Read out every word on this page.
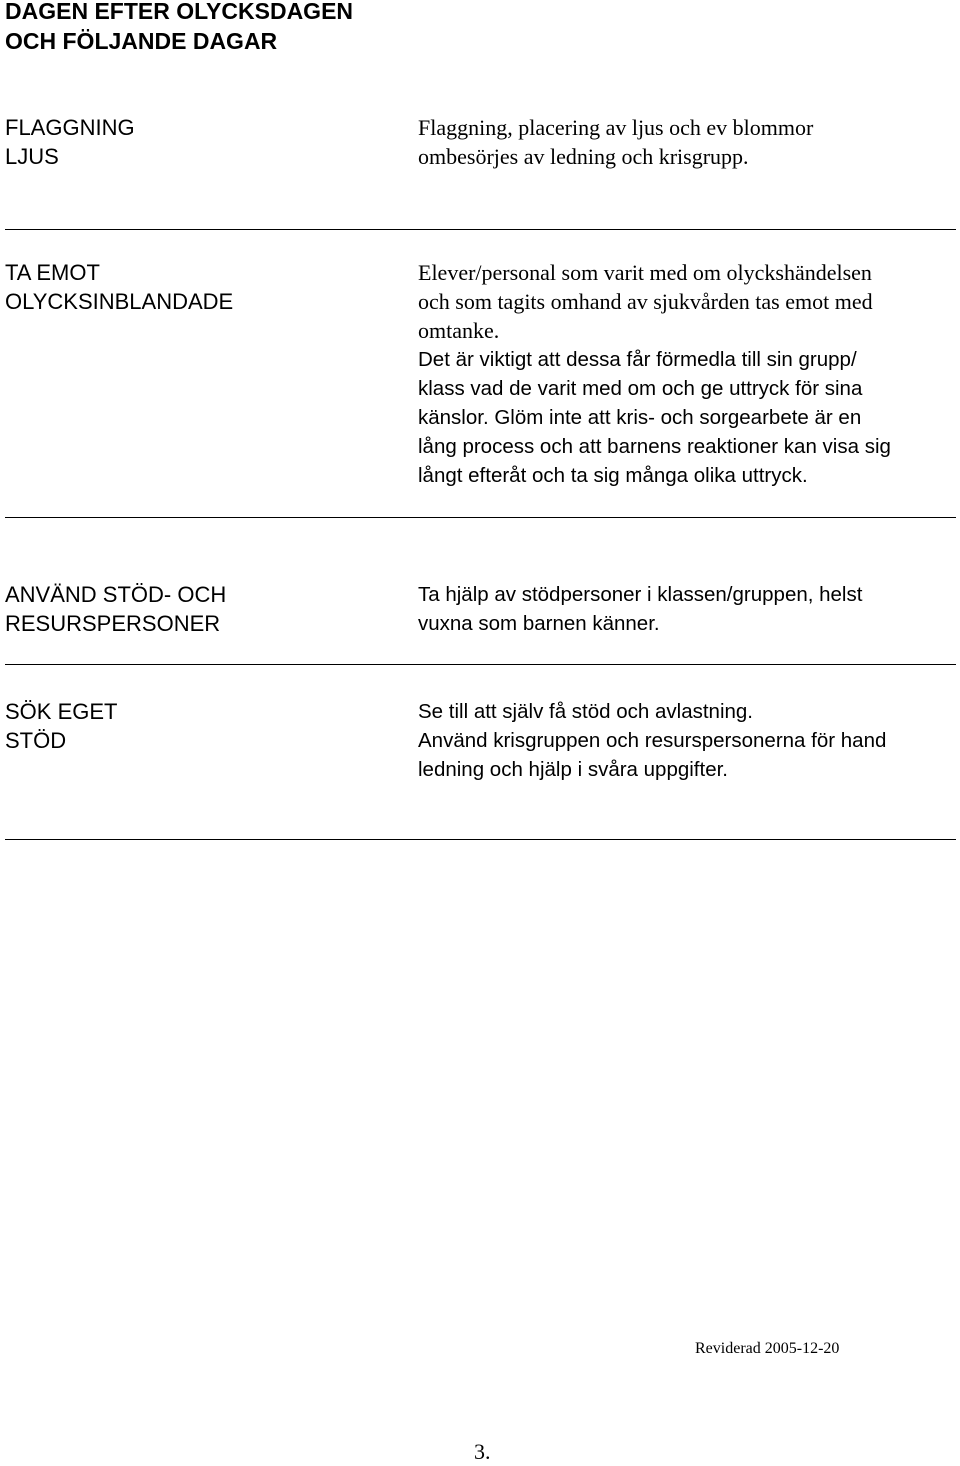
DAGEN EFTER OLYCKSDAGEN
OCH FÖLJANDE DAGAR
FLAGGNING
LJUS
Flaggning, placering av ljus och ev blommor
ombesörjes av ledning och krisgrupp.
TA EMOT
OLYCKSINBLANDADE
Elever/personal som varit med om olyckshändelsen
och som tagits omhand av sjukvården tas emot med
omtanke.
Det är viktigt att dessa får förmedla till sin grupp/
klass vad de varit med om och ge uttryck för sina
känslor. Glöm inte att kris- och sorgearbete är en
lång process och att barnens reaktioner kan visa sig
långt efteråt och ta sig många olika uttryck.
ANVÄND STÖD- OCH
RESURSPERSONER
Ta hjälp av stödpersoner i klassen/gruppen, helst
vuxna som barnen känner.
SÖK EGET
STÖD
Se till att själv få stöd och avlastning.
Använd krisgruppen och resurspersonerna för hand
ledning och hjälp i svåra uppgifter.
Reviderad 2005-12-20
3.
